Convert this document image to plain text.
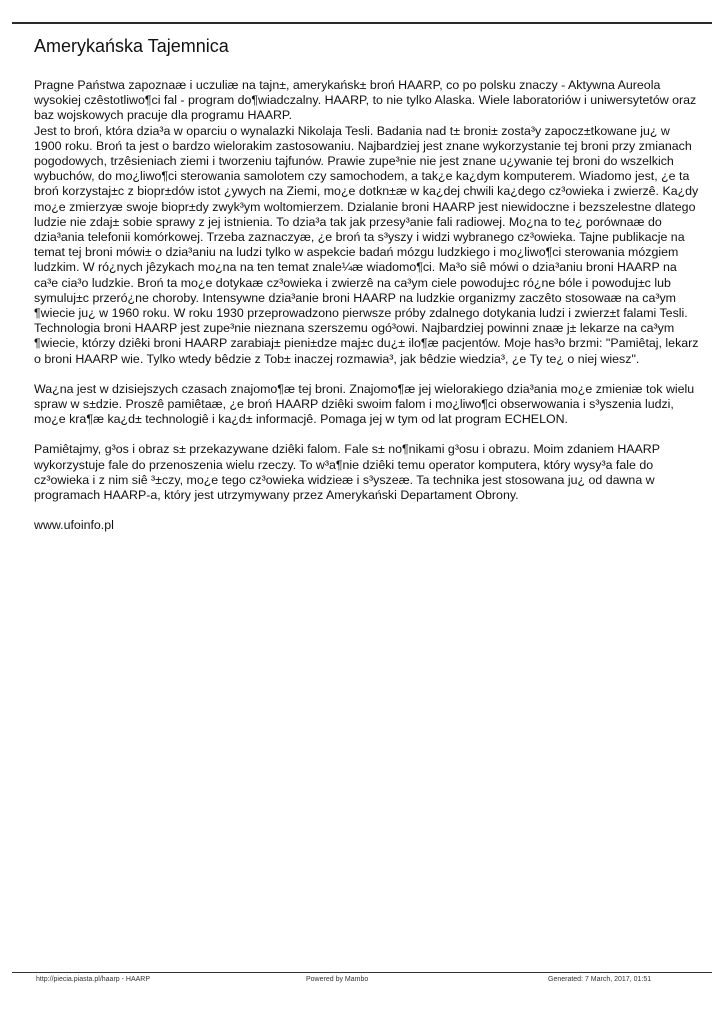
Amerykańska Tajemnica

Pragne Państwa zapoznaæ i uczuliæ na tajn±, amerykańsk± broń HAARP, co po polsku znaczy - Aktywna Aureola
wysokiej czêstotliwo¶ci fal - program do¶wiadczalny. HAARP, to nie tylko Alaska. Wiele laboratoriów i uniwersytetów oraz
baz wojskowych pracuje dla programu HAARP.
Jest to broń, która dzia³a w oparciu o wynalazki Nikolaja Tesli. Badania nad t± broni± zosta³y zapocz±tkowane ju¿ w
1900 roku. Broń ta jest o bardzo wielorakim zastosowaniu. Najbardziej jest znane wykorzystanie tej broni przy zmianach
pogodowych, trzêsieniach ziemi i tworzeniu tajfunów. Prawie zupe³nie nie jest znane u¿ywanie tej broni do wszelkich
wybuchów, do mo¿liwo¶ci sterowania samolotem czy samochodem, a tak¿e ka¿dym komputerem. Wiadomo jest, ¿e ta
broń korzystaj±c z biopr±dów istot ¿ywych na Ziemi, mo¿e dotkn±æ w ka¿dej chwili ka¿dego cz³owieka i zwierzê. Ka¿dy
mo¿e zmierzyæ swoje biopr±dy zwyk³ym woltomierzem. Dzialanie broni HAARP jest niewidoczne i bezszelestne dlatego
ludzie nie zdaj± sobie sprawy z jej istnienia. To dzia³a tak jak przesy³anie fali radiowej. Mo¿na to te¿ porównaæ do
dzia³ania telefonii komórkowej. Trzeba zaznaczyæ, ¿e broń ta s³yszy i widzi wybranego cz³owieka. Tajne publikacje na
temat tej broni mówi± o dzia³aniu na ludzi tylko w aspekcie badań mózgu ludzkiego i mo¿liwo¶ci sterowania mózgiem
ludzkim. W ró¿nych jêzykach mo¿na na ten temat znale¼æ wiadomo¶ci. Ma³o siê mówi o dzia³aniu broni HAARP na
ca³e cia³o ludzkie. Broń ta mo¿e dotykaæ cz³owieka i zwierzê na ca³ym ciele powoduj±c ró¿ne bóle i powoduj±c lub
symuluj±c przeró¿ne choroby. Intensywne dzia³anie broni HAARP na ludzkie organizmy zaczêto stosowaæ na ca³ym
¶wiecie ju¿ w 1960 roku. W roku 1930 przeprowadzono pierwsze próby zdalnego dotykania ludzi i zwierz±t falami Tesli.
Technologia broni HAARP jest zupe³nie nieznana szerszemu ogó³owi. Najbardziej powinni znaæ j± lekarze na ca³ym
¶wiecie, którzy dziêki broni HAARP zarabiaj± pieni±dze maj±c du¿± ilo¶æ pacjentów. Moje has³o brzmi: "Pamiêtaj, lekarz
o broni HAARP wie. Tylko wtedy bêdzie z Tob± inaczej rozmawia³, jak bêdzie wiedzia³, ¿e Ty te¿ o niej wiesz".

Wa¿na jest w dzisiejszych czasach znajomo¶æ tej broni. Znajomo¶æ jej wielorakiego dzia³ania mo¿e zmieniæ tok wielu
spraw w s±dzie. Proszê pamiêtaæ, ¿e broń HAARP dziêki swoim falom i mo¿liwo¶ci obserwowania i s³yszenia ludzi,
mo¿e kra¶æ ka¿d± technologiê i ka¿d± informacjê. Pomaga jej w tym od lat program ECHELON.

Pamiêtajmy, g³os i obraz s± przekazywane dziêki falom. Fale s± no¶nikami g³osu i obrazu. Moim zdaniem HAARP
wykorzystuje fale do przenoszenia wielu rzeczy. To w³a¶nie dziêki temu operator komputera, który wysy³a fale do
cz³owieka i z nim siê ³±czy, mo¿e tego cz³owieka widzieæ i s³yszeæ. Ta technika jest stosowana ju¿ od dawna w
programach HAARP-a, który jest utrzymywany przez Amerykański Departament Obrony.

www.ufoinfo.pl

http://piecia.piasta.pl/haarp - HAARP	Powered by Mambo	Generated: 7 March, 2017, 01:51
